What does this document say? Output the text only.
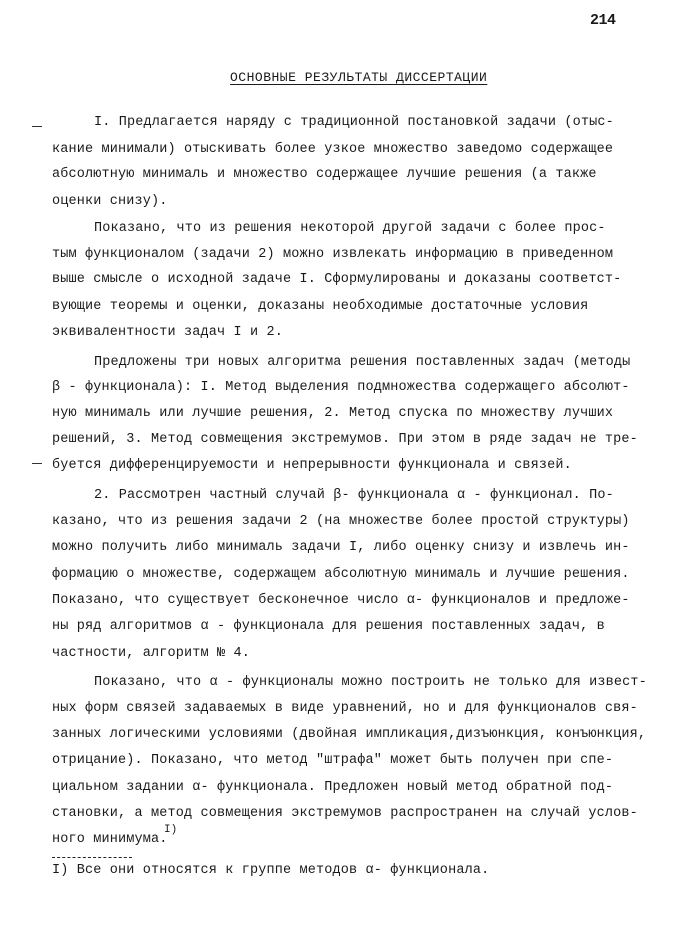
214
ОСНОВНЫЕ РЕЗУЛЬТАТЫ ДИССЕРТАЦИИ
I. Предлагается наряду с традиционной постановкой задачи (отыс-
кание минимали) отыскивать более узкое множество заведомо содержащее
абсолютную минималь и множество содержащее лучшие решения (а также
оценки снизу).
Показано, что из решения некоторой другой задачи с более прос-
тым функционалом (задачи 2) можно извлекать информацию в приведенном
выше смысле о исходной задаче I. Сформулированы и доказаны соответст-
вующие теоремы и оценки, доказаны необходимые достаточные условия
эквивалентности задач I и 2.
Предложены три новых алгоритма решения поставленных задач (методы
β - функционала): I. Метод выделения подмножества содержащего абсолют-
ную минималь или лучшие решения, 2. Метод спуска по множеству лучших
решений, 3. Метод совмещения экстремумов. При этом в ряде задач не тре-
буется дифференцируемости и непрерывности функционала и связей.
2. Рассмотрен частный случай β- функционала α - функционал. По-
казано, что из решения задачи 2 (на множестве более простой структуры)
можно получить либо минималь задачи I, либо оценку снизу и извлечь ин-
формацию о множестве, содержащем абсолютную минималь и лучшие решения.
Показано, что существует бесконечное число α- функционалов и предложе-
ны ряд алгоритмов α - функционала для решения поставленных задач, в
частности, алгоритм № 4.
Показано, что α - функционалы можно построить не только для извест-
ных форм связей задаваемых в виде уравнений, но и для функционалов свя-
занных логическими условиями (двойная импликация,дизъюнкция, конъюнкция,
отрицание). Показано, что метод "штрафа" может быть получен при спе-
циальном задании α- функционала. Предложен новый метод обратной под-
становки, а метод совмещения экстремумов распространен на случай услов-
ного минимума.
I)
I) Все они относятся к группе методов α- функционала.
